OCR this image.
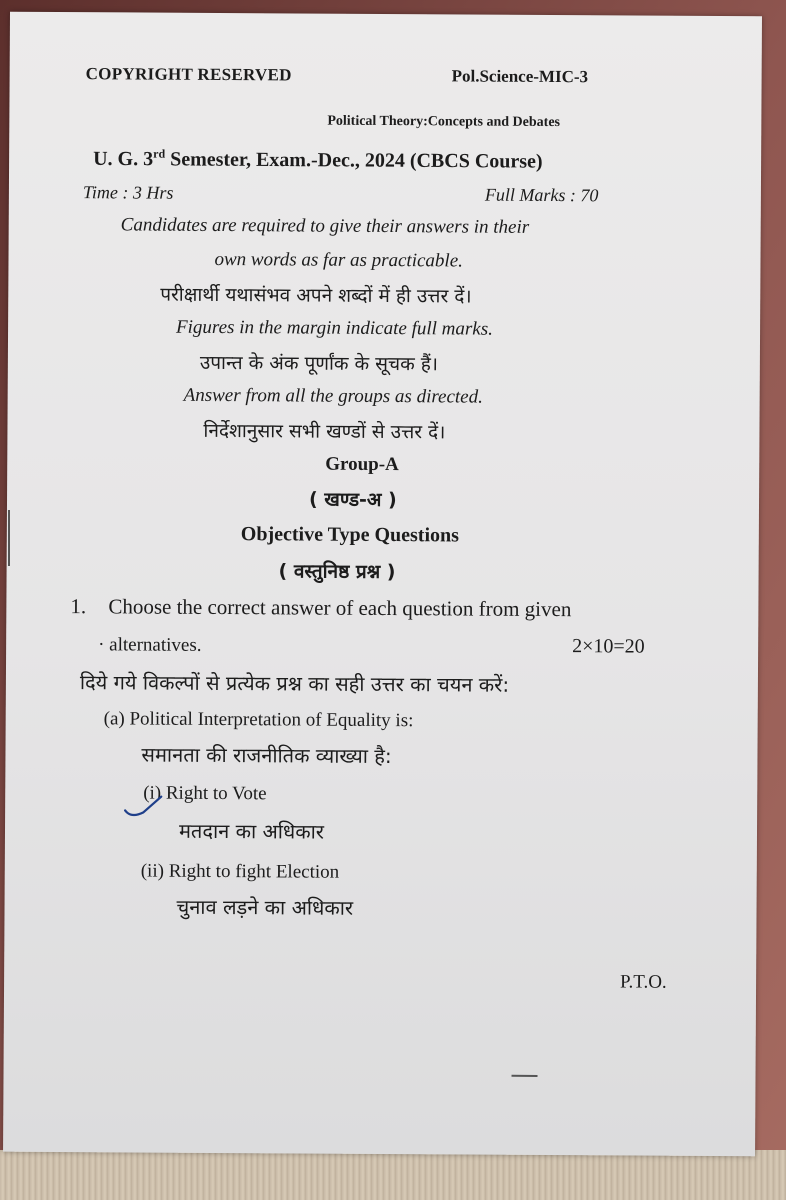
COPYRIGHT RESERVED	Pol.Science-MIC-3
Political Theory:Concepts and Debates
U. G. 3rd Semester, Exam.-Dec., 2024 (CBCS Course)
Time : 3 Hrs	Full Marks : 70
Candidates are required to give their answers in their
own words as far as practicable.
परीक्षार्थी यथासंभव अपने शब्दों में ही उत्तर दें।
Figures in the margin indicate full marks.
उपान्त के अंक पूर्णांक के सूचक हैं।
Answer from all the groups as directed.
निर्देशानुसार सभी खण्डों से उत्तर दें।
Group-A
( खण्ड-अ )
Objective Type Questions
( वस्तुनिष्ठ प्रश्न )
1. Choose the correct answer of each question from given
· alternatives.	2×10=20
दिये गये विकल्पों से प्रत्येक प्रश्न का सही उत्तर का चयन करें:
(a) Political Interpretation of Equality is:
समानता की राजनीतिक व्याख्या है:
(i) Right to Vote
मतदान का अधिकार
(ii) Right to fight Election
चुनाव लड़ने का अधिकार
P.T.O.
